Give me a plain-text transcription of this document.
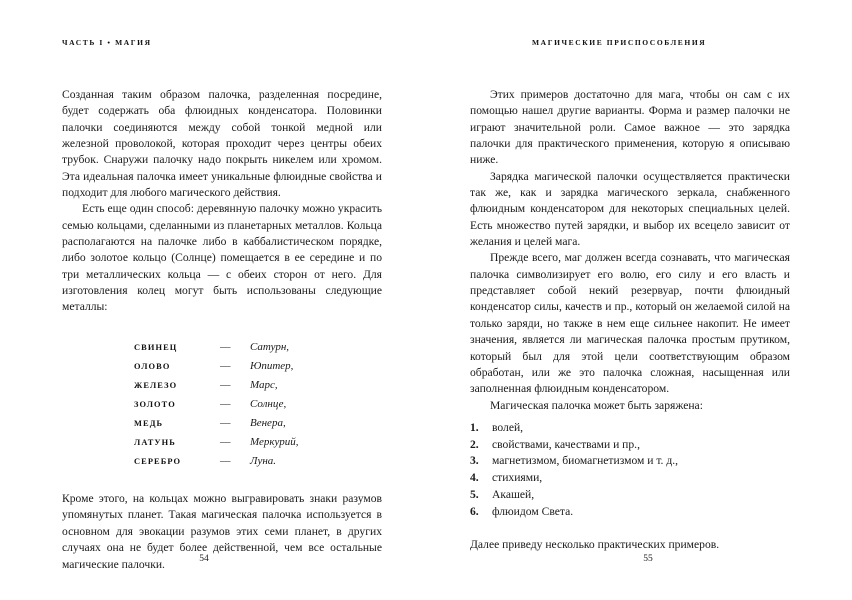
ЧАСТЬ I • МАГИЯ

Созданная таким образом палочка, разделенная посредине, будет содержать оба флюидных конденсатора. Половинки палочки соединяются между собой тонкой медной или железной проволокой, которая проходит через центры обеих трубок. Снаружи палочку надо покрыть никелем или хромом. Эта идеальная палочка имеет уникальные флюидные свойства и подходит для любого магического действия.

Есть еще один способ: деревянную палочку можно украсить семью кольцами, сделанными из планетарных металлов. Кольца располагаются на палочке либо в каббалистическом порядке, либо золотое кольцо (Солнце) помещается в ее середине и по три металлических кольца — с обеих сторон от него. Для изготовления колец могут быть использованы следующие металлы:

СВИНЕЦ	—	Сатурн,
ОЛОВО	—	Юпитер,
ЖЕЛЕЗО	—	Марс,
ЗОЛОТО	—	Солнце,
МЕДЬ	—	Венера,
ЛАТУНЬ	—	Меркурий,
СЕРЕБРО	—	Луна.

Кроме этого, на кольцах можно выгравировать знаки разумов упомянутых планет. Такая магическая палочка используется в основном для эвокации разумов этих семи планет, в других случаях она не будет более действенной, чем все остальные магические палочки.	54
МАГИЧЕСКИЕ ПРИСПОСОБЛЕНИЯ

Этих примеров достаточно для мага, чтобы он сам с их помощью нашел другие варианты. Форма и размер палочки не играют значительной роли. Самое важное — это зарядка палочки для практического применения, которую я описываю ниже.

Зарядка магической палочки осуществляется практически так же, как и зарядка магического зеркала, снабженного флюидным конденсатором для некоторых специальных целей. Есть множество путей зарядки, и выбор их всецело зависит от желания и целей мага.

Прежде всего, маг должен всегда сознавать, что магическая палочка символизирует его волю, его силу и его власть и представляет собой некий резервуар, почти флюидный конденсатор силы, качеств и пр., который он желаемой силой на только заряди, но также в нем еще сильнее накопит. Не имеет значения, является ли магическая палочка простым прутиком, который был для этой цели соответствующим образом обработан, или же это палочка сложная, насыщенная или заполненная флюидным конденсатором.

Магическая палочка может быть заряжена:

1.	волей,
2.	свойствами, качествами и пр.,
3.	магнетизмом, биомагнетизмом и т. д.,
4.	стихиями,
5.	Акашей,
6.	флюидом Света.

Далее приведу несколько практических примеров.

55
